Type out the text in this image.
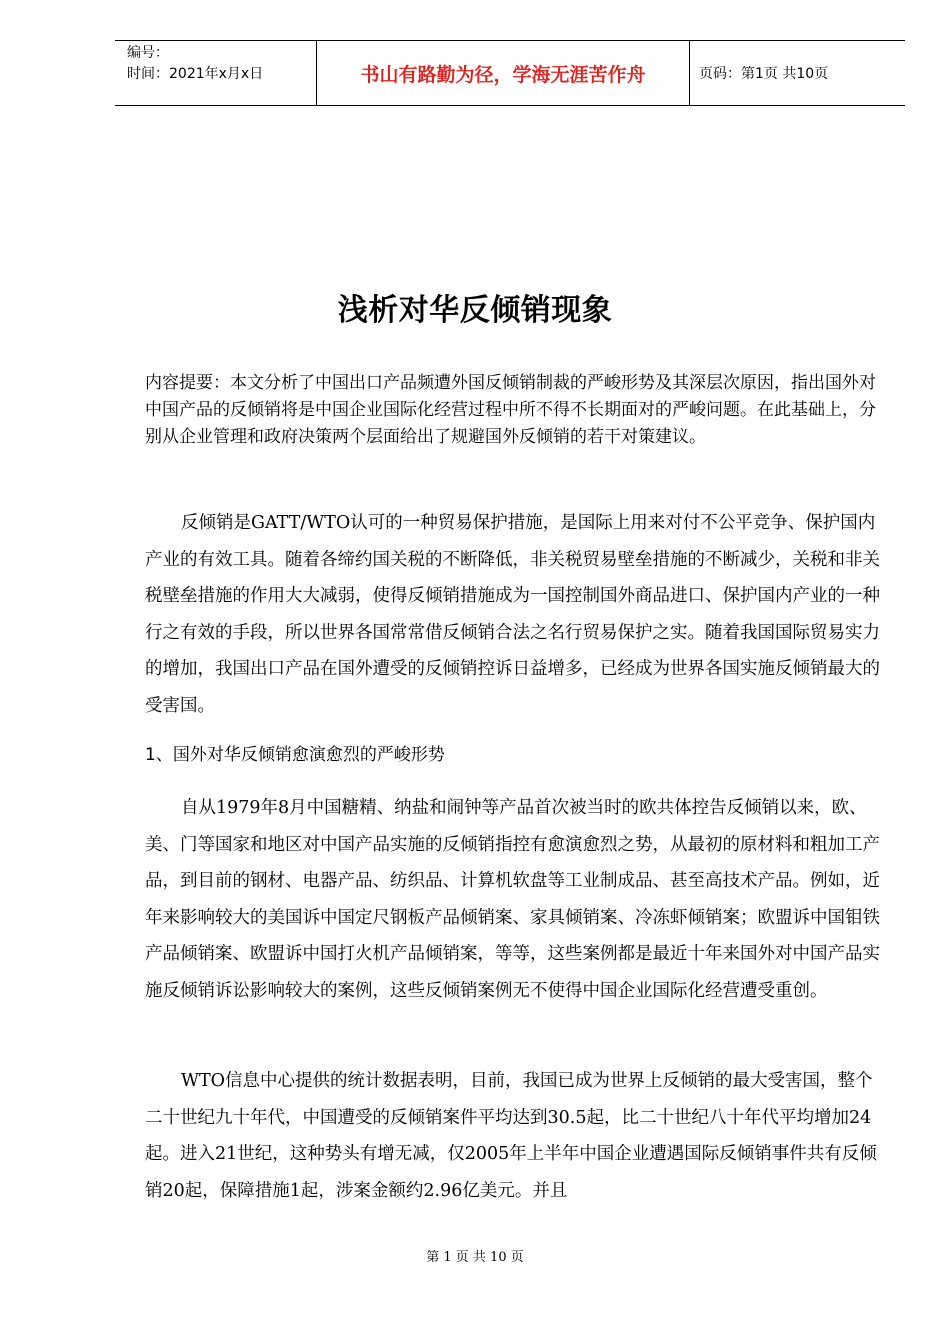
编号：
时间：2021年x月x日	书山有路勤为径，学海无涯苦作舟	页码：第1页 共10页
浅析对华反倾销现象
内容提要：本文分析了中国出口产品频遭外国反倾销制裁的严峻形势及其深层次原因，指出国外对中国产品的反倾销将是中国企业国际化经营过程中所不得不长期面对的严峻问题。在此基础上，分别从企业管理和政府决策两个层面给出了规避国外反倾销的若干对策建议。
反倾销是GATT/WTO认可的一种贸易保护措施，是国际上用来对付不公平竞争、保护国内产业的有效工具。随着各缔约国关税的不断降低，非关税贸易壁垒措施的不断减少，关税和非关税壁垒措施的作用大大减弱，使得反倾销措施成为一国控制国外商品进口、保护国内产业的一种行之有效的手段，所以世界各国常常借反倾销合法之名行贸易保护之实。随着我国国际贸易实力的增加，我国出口产品在国外遭受的反倾销控诉日益增多，已经成为世界各国实施反倾销最大的受害国。
1、国外对华反倾销愈演愈烈的严峻形势
自从1979年8月中国糖精、纳盐和闹钟等产品首次被当时的欧共体控告反倾销以来，欧、美、门等国家和地区对中国产品实施的反倾销指控有愈演愈烈之势，从最初的原材料和粗加工产品，到目前的钢材、电器产品、纺织品、计算机软盘等工业制成品、甚至高技术产品。例如，近年来影响较大的美国诉中国定尺钢板产品倾销案、家具倾销案、冷冻虾倾销案；欧盟诉中国钼铁产品倾销案、欧盟诉中国打火机产品倾销案，等等，这些案例都是最近十年来国外对中国产品实施反倾销诉讼影响较大的案例，这些反倾销案例无不使得中国企业国际化经营遭受重创。
WTO信息中心提供的统计数据表明，目前，我国已成为世界上反倾销的最大受害国，整个二十世纪九十年代，中国遭受的反倾销案件平均达到30.5起，比二十世纪八十年代平均增加24起。进入21世纪，这种势头有增无减，仅2005年上半年中国企业遭遇国际反倾销事件共有反倾销20起，保障措施1起，涉案金额约2.96亿美元。并且
第 1 页 共 10 页
